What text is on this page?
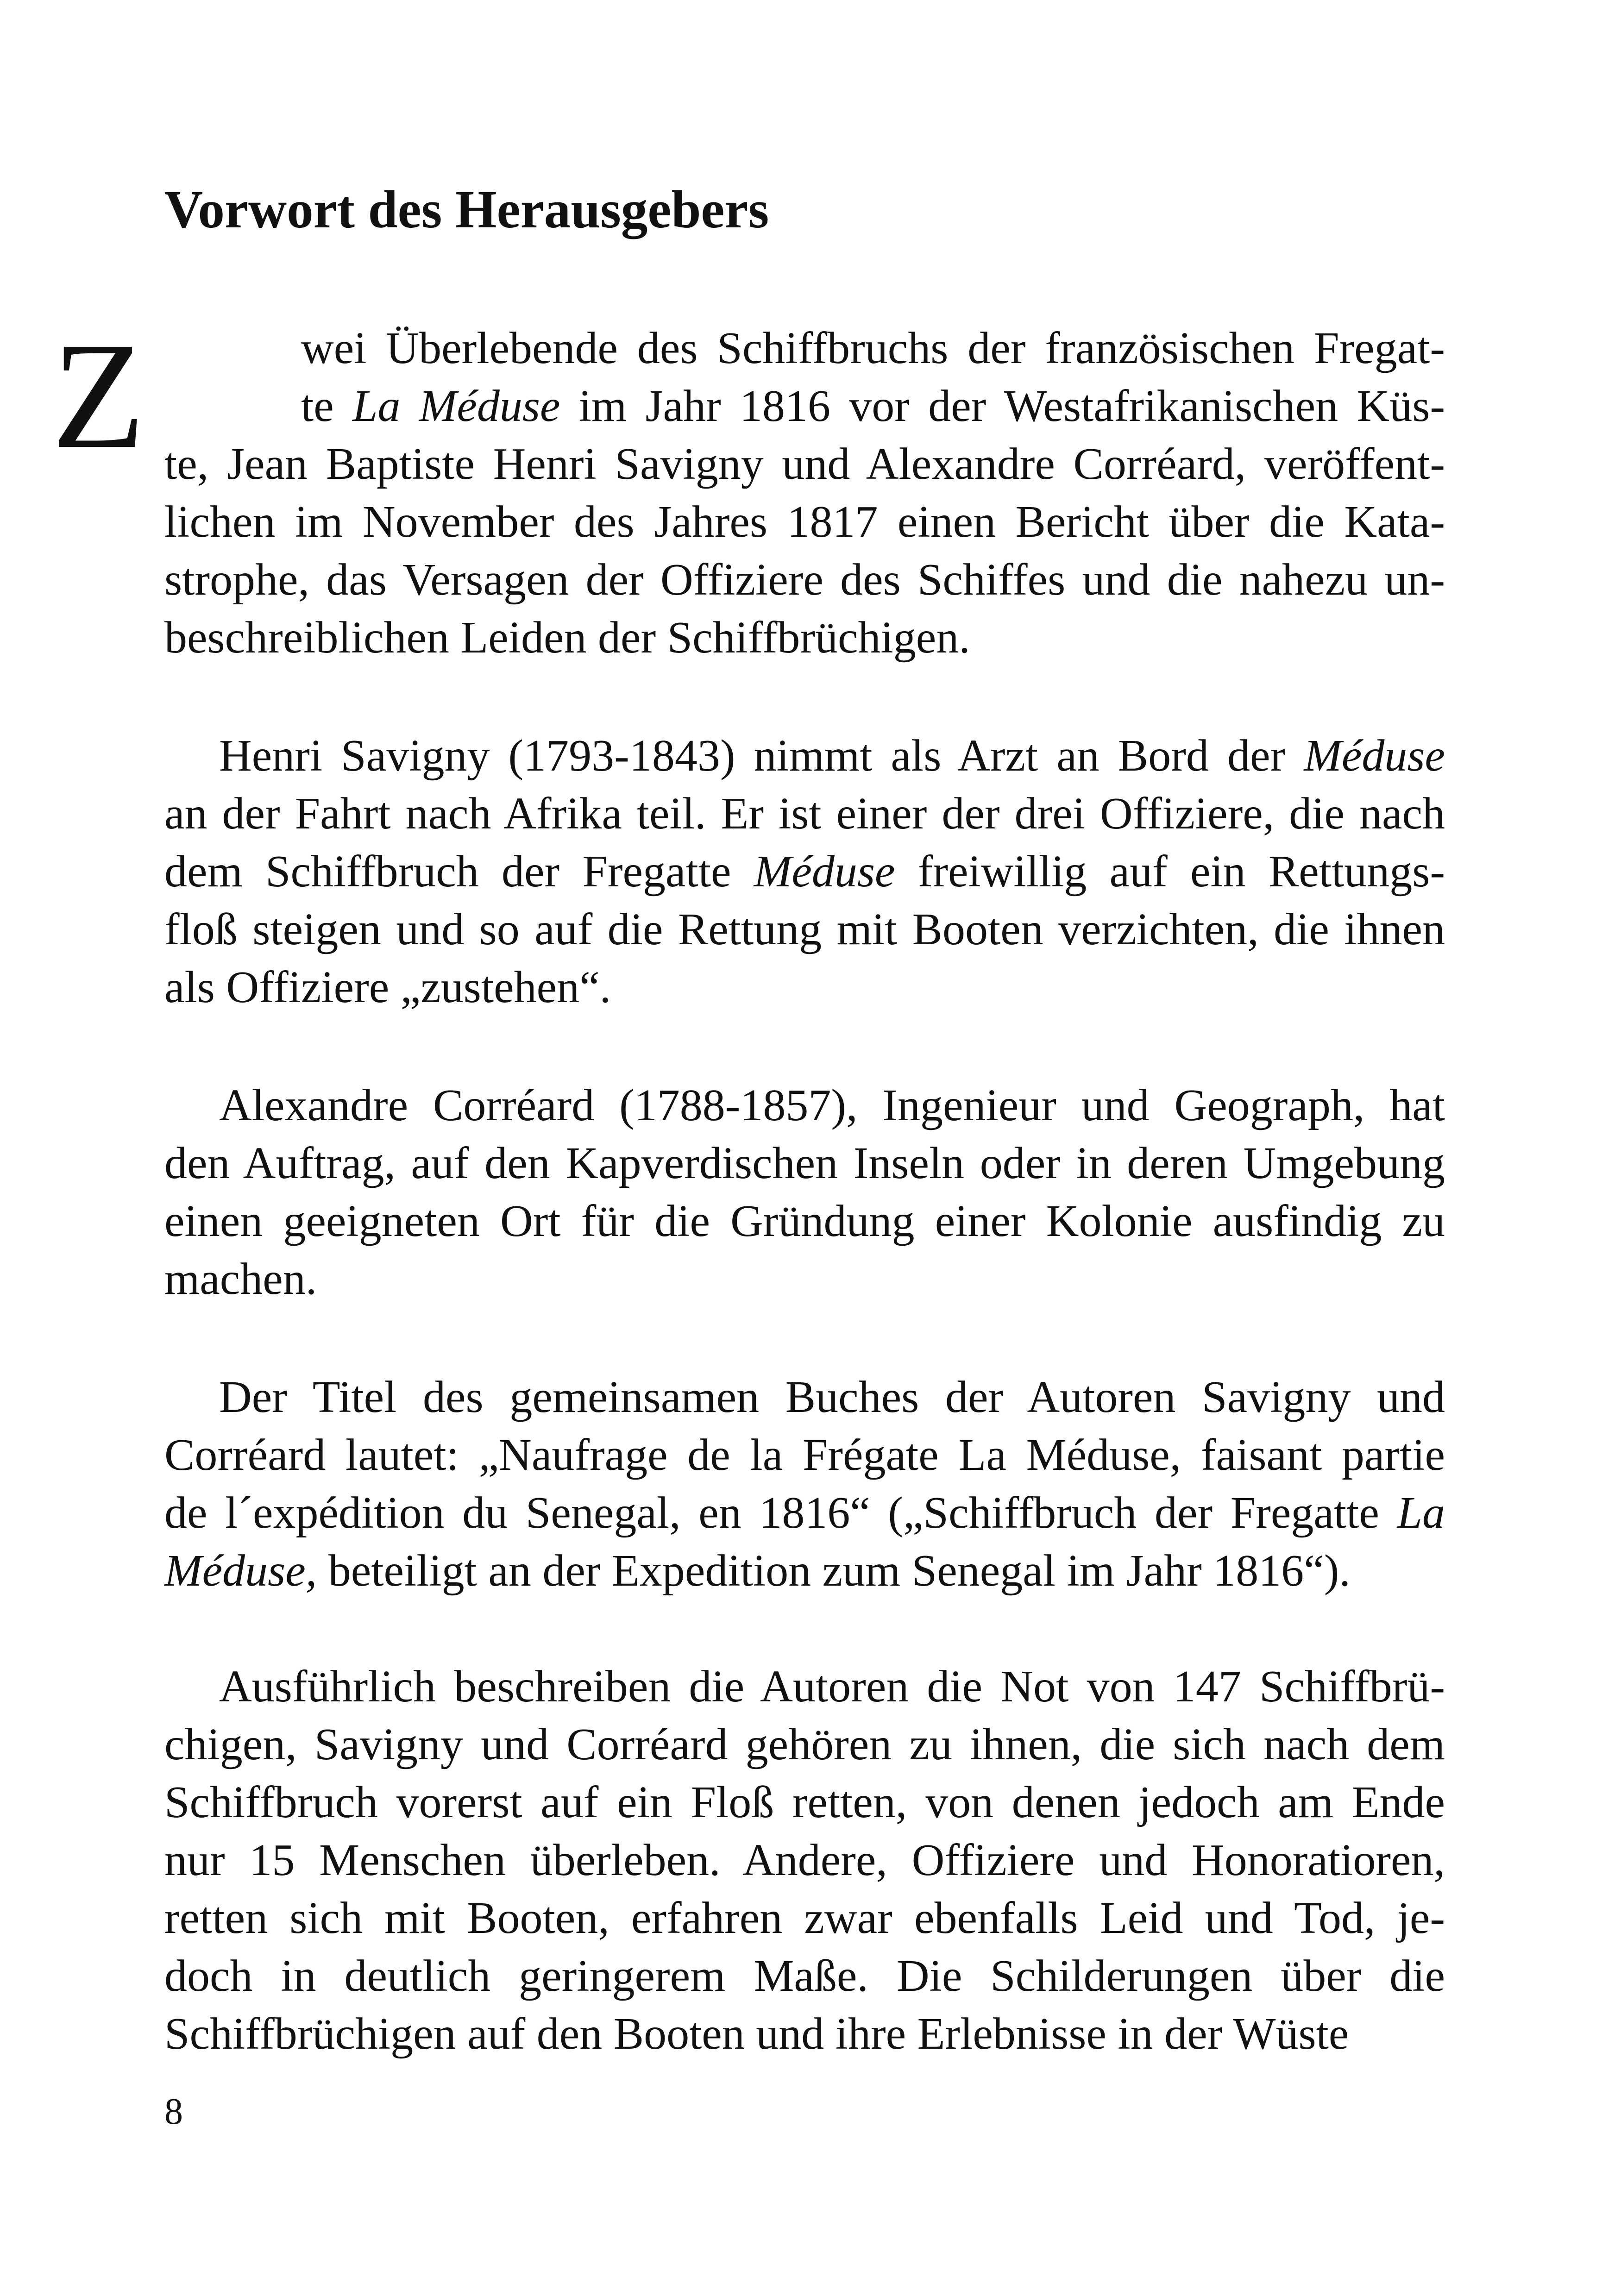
Vorwort des Herausgebers
Z	wei Überlebende des Schiffbruchs der französischen Fregat-
te La Méduse im Jahr 1816 vor der Westafrikanischen Küs-
te, Jean Baptiste Henri Savigny und Alexandre Corréard, veröffent-
lichen im November des Jahres 1817 einen Bericht über die Kata-
strophe, das Versagen der Offiziere des Schiffes und die nahezu un-
beschreiblichen Leiden der Schiffbrüchigen.
Henri Savigny (1793-1843) nimmt als Arzt an Bord der Méduse
an der Fahrt nach Afrika teil. Er ist einer der drei Offiziere, die nach
dem Schiffbruch der Fregatte Méduse freiwillig auf ein Rettungs-
floß steigen und so auf die Rettung mit Booten verzichten, die ihnen
als Offiziere „zustehen“.
Alexandre Corréard (1788-1857), Ingenieur und Geograph, hat
den Auftrag, auf den Kapverdischen Inseln oder in deren Umgebung
einen geeigneten Ort für die Gründung einer Kolonie ausfindig zu
machen.
Der Titel des gemeinsamen Buches der Autoren Savigny und
Corréard lautet: „Naufrage de la Frégate La Méduse, faisant partie
de l´expédition du Senegal, en 1816“ („Schiffbruch der Fregatte La
Méduse, beteiligt an der Expedition zum Senegal im Jahr 1816“).
Ausführlich beschreiben die Autoren die Not von 147 Schiffbrü-
chigen, Savigny und Corréard gehören zu ihnen, die sich nach dem
Schiffbruch vorerst auf ein Floß retten, von denen jedoch am Ende
nur 15 Menschen überleben. Andere, Offiziere und Honoratioren,
retten sich mit Booten, erfahren zwar ebenfalls Leid und Tod, je-
doch in deutlich geringerem Maße. Die Schilderungen über die
Schiffbrüchigen auf den Booten und ihre Erlebnisse in der Wüste
8
